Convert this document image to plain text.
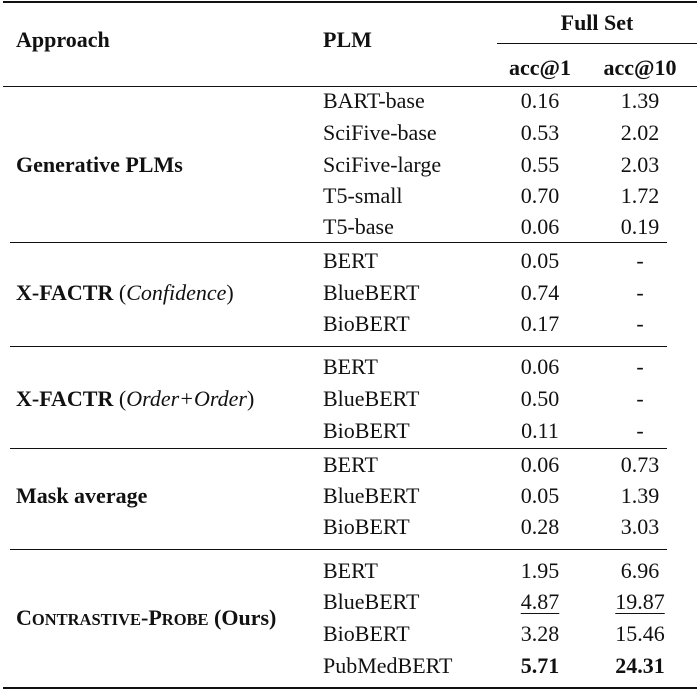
Approach	PLM
Full Set
acc@1	acc@10
Generative PLMs
BART-base	0.16	1.39
SciFive-base	0.53	2.02
SciFive-large	0.55	2.03
T5-small	0.70	1.72
T5-base	0.06	0.19
X-FACTR (Confidence)
BERT	0.05	-
BlueBERT	0.74	-
BioBERT	0.17	-
X-FACTR (Order+Order)
BERT	0.06	-
BlueBERT	0.50	-
BioBERT	0.11	-
Mask average
BERT	0.06	0.73
BlueBERT	0.05	1.39
BioBERT	0.28	3.03
CONTRASTIVE-PROBE (Ours)
BERT	1.95	6.96
BlueBERT	4.87	19.87
BioBERT	3.28	15.46
PubMedBERT	5.71	24.31
